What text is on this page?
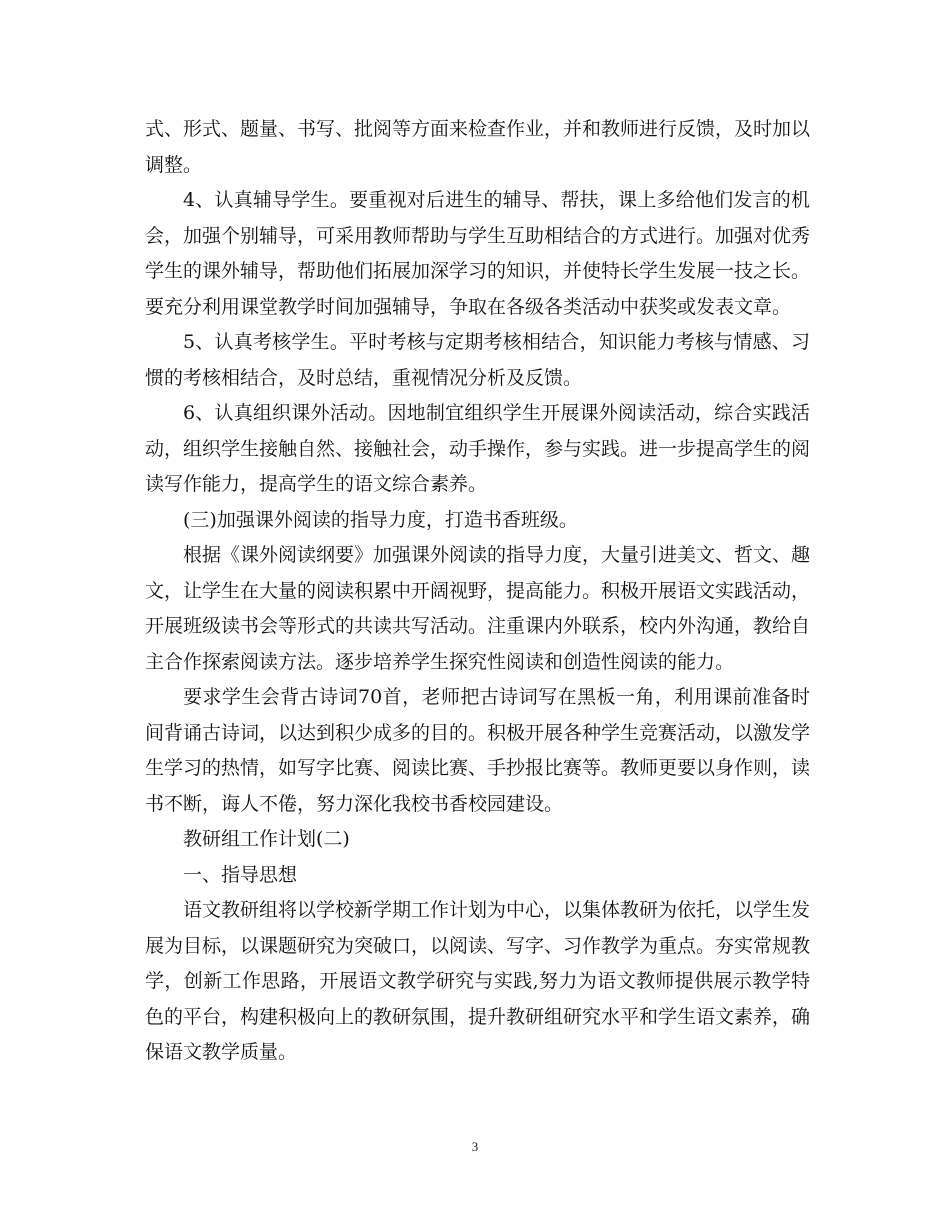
式、形式、题量、书写、批阅等方面来检查作业，并和教师进行反馈，及时加以调整。

4、认真辅导学生。要重视对后进生的辅导、帮扶，课上多给他们发言的机会，加强个别辅导，可采用教师帮助与学生互助相结合的方式进行。加强对优秀学生的课外辅导，帮助他们拓展加深学习的知识，并使特长学生发展一技之长。要充分利用课堂教学时间加强辅导，争取在各级各类活动中获奖或发表文章。

5、认真考核学生。平时考核与定期考核相结合，知识能力考核与情感、习惯的考核相结合，及时总结，重视情况分析及反馈。

6、认真组织课外活动。因地制宜组织学生开展课外阅读活动，综合实践活动，组织学生接触自然、接触社会，动手操作，参与实践。进一步提高学生的阅读写作能力，提高学生的语文综合素养。

(三)加强课外阅读的指导力度，打造书香班级。

根据《课外阅读纲要》加强课外阅读的指导力度，大量引进美文、哲文、趣文，让学生在大量的阅读积累中开阔视野，提高能力。积极开展语文实践活动，开展班级读书会等形式的共读共写活动。注重课内外联系，校内外沟通，教给自主合作探索阅读方法。逐步培养学生探究性阅读和创造性阅读的能力。

要求学生会背古诗词70首，老师把古诗词写在黑板一角，利用课前准备时间背诵古诗词，以达到积少成多的目的。积极开展各种学生竞赛活动，以激发学生学习的热情，如写字比赛、阅读比赛、手抄报比赛等。教师更要以身作则，读书不断，诲人不倦，努力深化我校书香校园建设。

教研组工作计划(二)

一、指导思想

语文教研组将以学校新学期工作计划为中心，以集体教研为依托，以学生发展为目标，以课题研究为突破口，以阅读、写字、习作教学为重点。夯实常规教学，创新工作思路，开展语文教学研究与实践,努力为语文教师提供展示教学特色的平台，构建积极向上的教研氛围，提升教研组研究水平和学生语文素养，确保语文教学质量。

3
